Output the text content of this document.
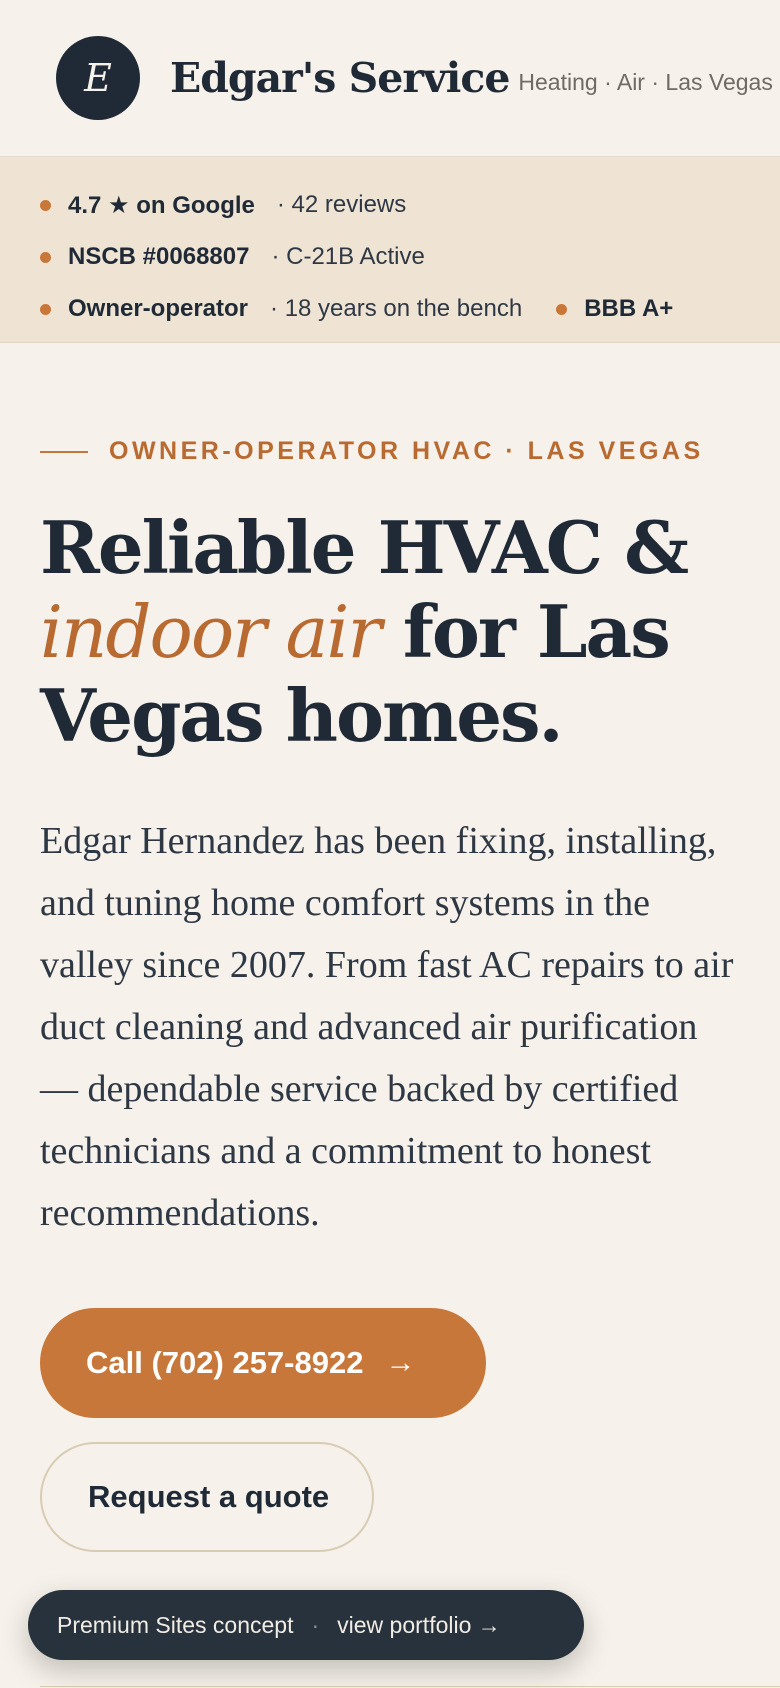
E Edgar's Service Heating · Air · Las Vegas
4.7 ★ on Google · 42 reviews
NSCB #0068807 · C-21B Active
Owner-operator · 18 years on the bench	BBB A+
OWNER-OPERATOR HVAC · LAS VEGAS
Reliable HVAC &
indoor air for Las Vegas homes.

Edgar Hernandez has been fixing, installing, and tuning home comfort systems in the valley since 2007. From fast AC repairs to air duct cleaning and advanced air purification — dependable service backed by certified technicians and a commitment to honest recommendations.

Call (702) 257-8922 →
Request a quote
Premium Sites concept · view portfolio →
